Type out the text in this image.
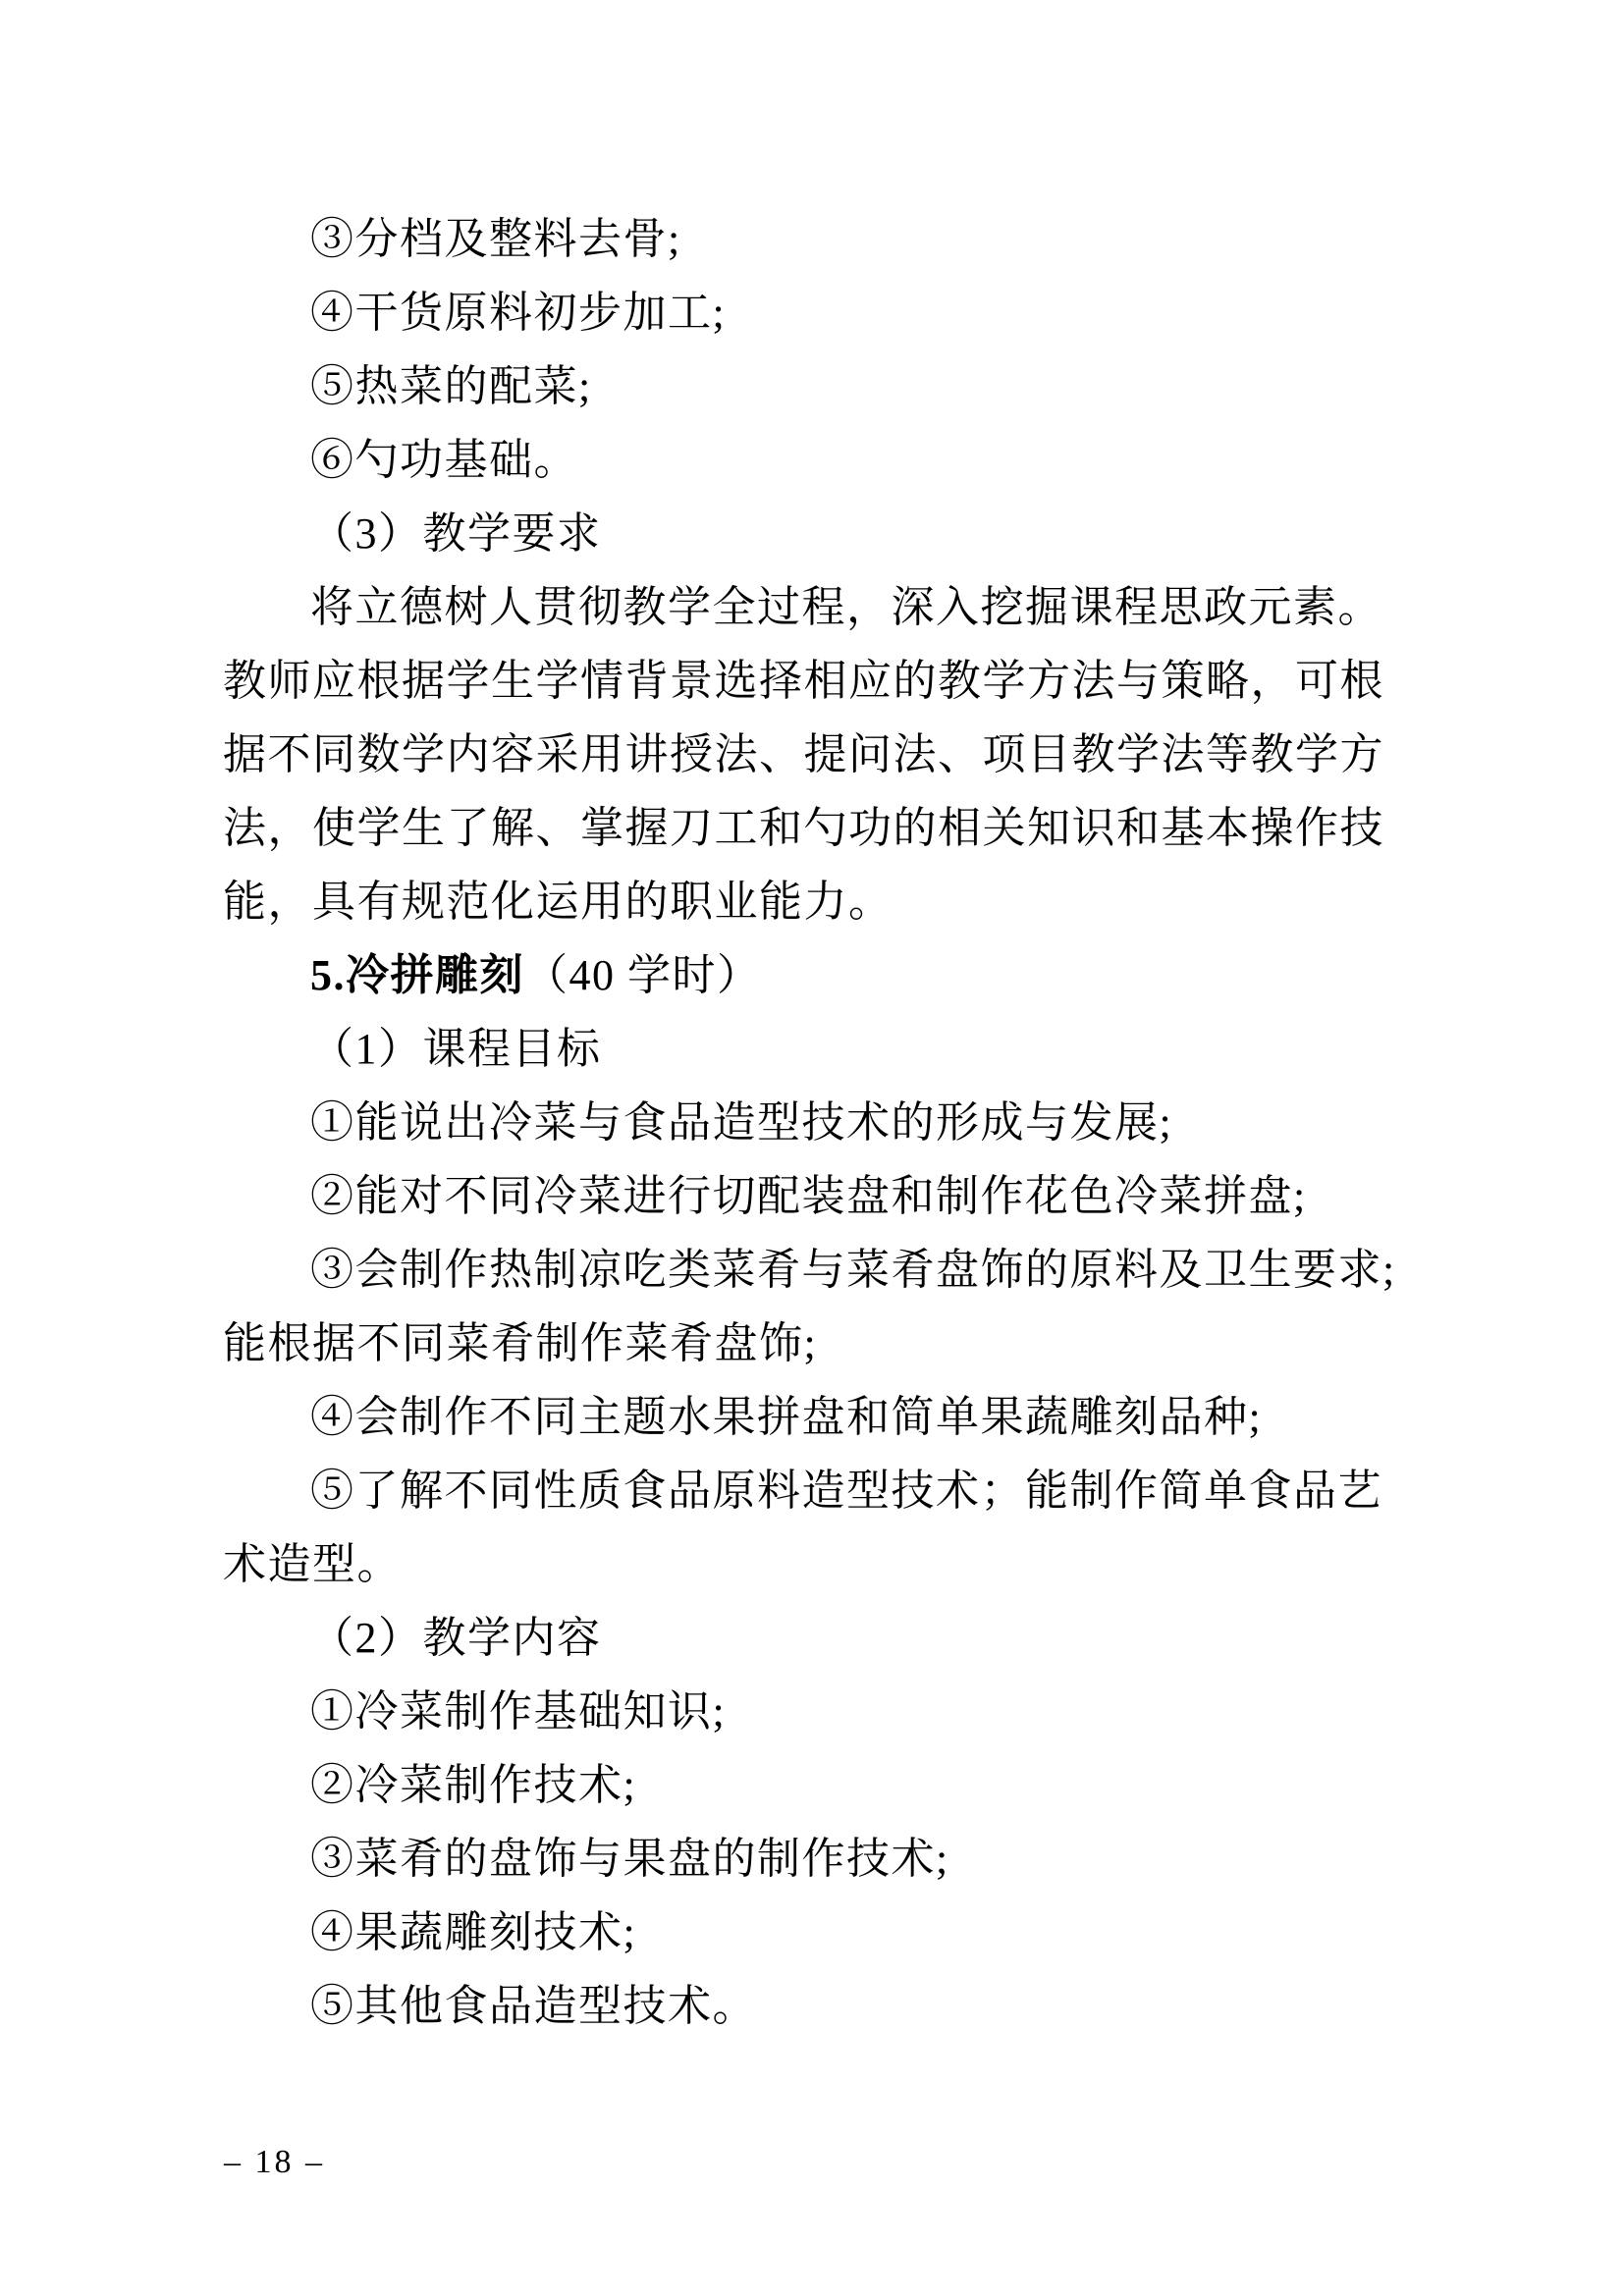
③分档及整料去骨;
④干货原料初步加工;
⑤热菜的配菜;
⑥勺功基础。
（3）教学要求
将立德树人贯彻教学全过程，深入挖掘课程思政元素。
教师应根据学生学情背景选择相应的教学方法与策略，可根
据不同数学内容采用讲授法、提问法、项目教学法等教学方
法，使学生了解、掌握刀工和勺功的相关知识和基本操作技
能，具有规范化运用的职业能力。
5.冷拼雕刻（40 学时）
（1）课程目标
①能说出冷菜与食品造型技术的形成与发展;
②能对不同冷菜进行切配装盘和制作花色冷菜拼盘;
③会制作热制凉吃类菜肴与菜肴盘饰的原料及卫生要求;
能根据不同菜肴制作菜肴盘饰;
④会制作不同主题水果拼盘和简单果蔬雕刻品种;
⑤了解不同性质食品原料造型技术；能制作简单食品艺
术造型。
（2）教学内容
①冷菜制作基础知识;
②冷菜制作技术;
③菜肴的盘饰与果盘的制作技术;
④果蔬雕刻技术;
⑤其他食品造型技术。
– 18 –
